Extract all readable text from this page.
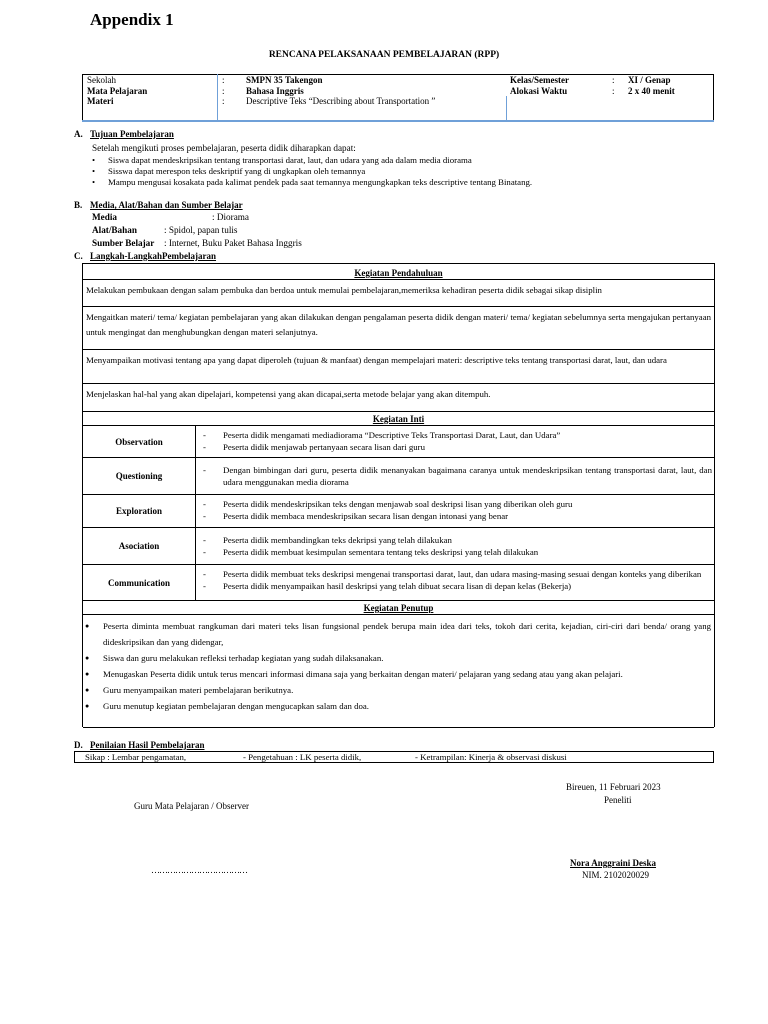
Appendix 1
RENCANA PELAKSANAAN PEMBELAJARAN (RPP)
Sekolah	:	SMPN 35 Takengon	Kelas/Semester	:	XI / Genap
Mata Pelajaran	:	Bahasa Inggris	Alokasi Waktu	:	2 x 40 menit
Materi	:	Descriptive Teks “Describing about Transportation ”			
A. Tujuan Pembelajaran
Setelah mengikuti proses pembelajaran, peserta didik diharapkan dapat:
• Siswa dapat mendeskripsikan tentang transportasi darat, laut, dan udara yang ada dalam media diorama
• Sisswa dapat merespon teks deskriptif yang di ungkapkan oleh temannya
• Mampu mengusai kosakata pada kalimat pendek pada saat temannya mengungkapkan teks descriptive tentang Binatang.
B. Media, Alat/Bahan dan Sumber Belajar
Media	: Diorama
Alat/Bahan	: Spidol, papan tulis
Sumber Belajar : Internet, Buku Paket Bahasa Inggris
C. Langkah-LangkahPembelajaran
Kegiatan Pendahuluan
Melakukan pembukaan dengan salam pembuka dan berdoa untuk memulai pembelajaran,memeriksa kehadiran peserta didik sebagai sikap disiplin
Mengaitkan materi/ tema/ kegiatan pembelajaran yang akan dilakukan dengan pengalaman peserta didik dengan materi/ tema/ kegiatan sebelumnya serta mengajukan pertanyaan untuk mengingat dan menghubungkan dengan materi selanjutnya.
Menyampaikan motivasi tentang apa yang dapat diperoleh (tujuan & manfaat) dengan mempelajari materi: descriptive teks tentang transportasi darat, laut, dan udara
Menjelaskan hal-hal yang akan dipelajari, kompetensi yang akan dicapai,serta metode belajar yang akan ditempuh.
Kegiatan Inti
Observation
- Peserta didik mengamati mediadiorama “Descriptive Teks Transportasi Darat, Laut, dan Udara”
- Peserta didik menjawab pertanyaan secara lisan dari guru
Questioning
- Dengan bimbingan dari guru, peserta didik menanyakan bagaimana caranya untuk mendeskripsikan tentang transportasi darat, laut, dan udara menggunakan media diorama
Exploration
- Peserta didik mendeskripsikan teks dengan menjawab soal deskripsi lisan yang diberikan oleh guru
- Peserta didik membaca mendeskripsikan secara lisan dengan intonasi yang benar
Asociation
- Peserta didik membandingkan teks dekripsi yang telah dilakukan
- Peserta didik membuat kesimpulan sementara tentang teks deskripsi yang telah dilakukan
Communication
- Peserta didik membuat teks deskripsi mengenai transportasi darat, laut, dan udara masing-masing sesuai dengan konteks yang diberikan
- Peserta didik menyampaikan hasil deskripsi yang telah dibuat secara lisan di depan kelas (Bekerja)
Kegiatan Penutup
● Peserta diminta membuat rangkuman dari materi teks lisan fungsional pendek berupa main idea dari teks, tokoh dari cerita, kejadian, ciri-ciri dari benda/ orang yang dideskripsikan dan yang didengar,
● Siswa dan guru melakukan refleksi terhadap kegiatan yang sudah dilaksanakan.
● Menugaskan Peserta didik untuk terus mencari informasi dimana saja yang berkaitan dengan materi/ pelajaran yang sedang atau yang akan pelajari.
● Guru menyampaikan materi pembelajaran berikutnya.
● Guru menutup kegiatan pembelajaran dengan mengucapkan salam dan doa.
D. Penilaian Hasil Pembelajaran
Sikap : Lembar pengamatan,	- Pengetahuan : LK peserta didik,	- Ketrampilan: Kinerja & observasi diskusi
Bireuen, 11 Februari 2023
Peneliti
Guru Mata Pelajaran / Observer
………………………………
Nora Anggraini Deska
NIM. 2102020029
